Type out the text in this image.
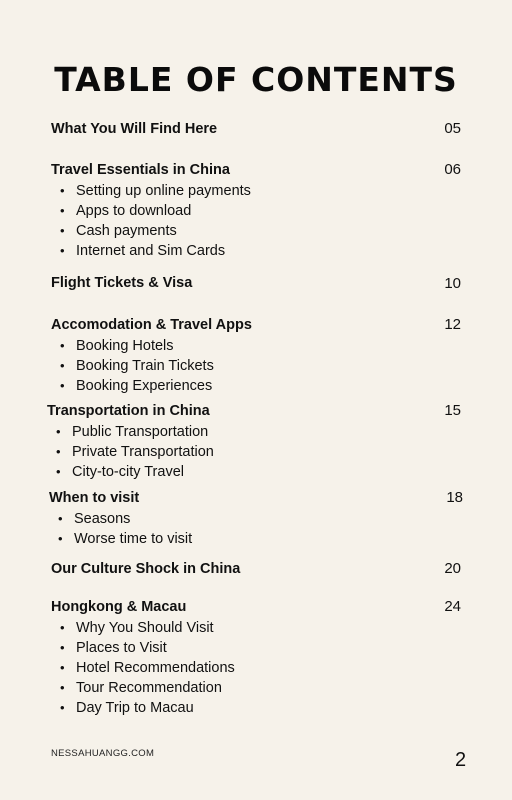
TABLE OF CONTENTS
What You Will Find Here	05
Travel Essentials in China	06
• Setting up online payments
• Apps to download
• Cash payments
• Internet and Sim Cards
Flight Tickets & Visa	10
Accomodation & Travel Apps	12
• Booking Hotels
• Booking Train Tickets
• Booking Experiences
Transportation in China	15
• Public Transportation
• Private Transportation
• City-to-city Travel
When to visit	18
• Seasons
• Worse time to visit
Our Culture Shock in China	20
Hongkong & Macau	24
• Why You Should Visit
• Places to Visit
• Hotel Recommendations
• Tour Recommendation
• Day Trip to Macau
NESSAHUANGG.COM	2
